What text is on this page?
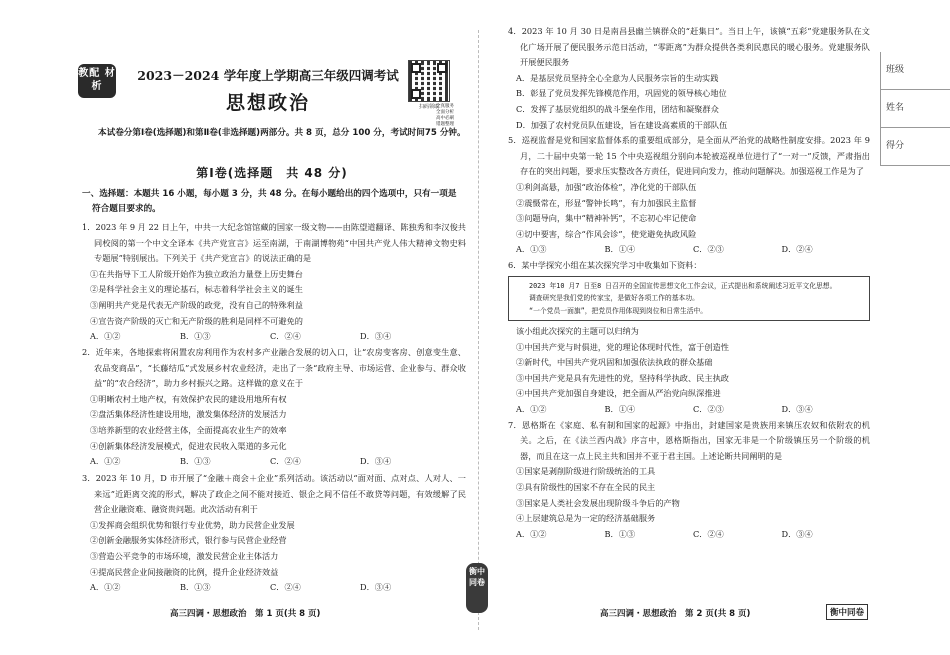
教配 材析
2023－2024 学年度上学期高三年级四调考试
思想政治	扫码领取
全真服务
全面分析
高中必刷
错题整理
本试卷分第Ⅰ卷(选择题)和第Ⅱ卷(非选择题)两部分。共 8 页，总分 100 分，考试时间75 分钟。
第Ⅰ卷(选择题　共 48 分)
一、选择题：本题共 16 小题，每小题 3 分，共 48 分。在每小题给出的四个选项中，只有一项是
符合题目要求的。

1．2023 年 9 月 22 日上午，中共一大纪念馆馆藏的国家一级文物——由陈望道翻译、陈独秀和李汉俊共同校阅的第一个中文全译本《共产党宣言》运至南湖，于南湖博物苑“中国共产党人伟大精神文物史料专题展”特别展出。下列关于《共产党宣言》的说法正确的是

①在共指导下工人阶级开始作为独立政治力量登上历史舞台

②是科学社会主义的理论基石，标志着科学社会主义的诞生

③阐明共产党是代表无产阶级的政党，没有自己的特殊利益

④宣告资产阶级的灭亡和无产阶级的胜利是同样不可避免的

A．①②	B．①③	C．②④	D．③④

2．近年来，各地探索将闲置农房利用作为农村多产业融合发展的切入口，让“农房变客房、创意变生意、农品变商品”，“长藤结瓜”式发展乡村农业经济，走出了一条“政府主导、市场运营、企业参与、群众收益”的“农合经济”，助力乡村振兴之路。这样做的意义在于

①明晰农村土地产权，有效保护农民的建设用地所有权

②盘活集体经济性建设用地，激发集体经济的发展活力

③培养新型的农业经营主体，全面提高农业生产的效率

④创新集体经济发展模式，促进农民收入渠道的多元化

A．①②	B．①③	C．②④	D．③④

3．2023 年 10 月，D 市开展了“金融＋商会＋企业”系列活动。该活动以“面对面、点对点、人对人、一来远”近距离交流的形式，解决了政企之间不能对接近、银企之间不信任不敢贷等问题，有效缓解了民营企业融资难、融资贵问题。此次活动有利于

①发挥商会组织优势和银行专业优势，助力民营企业发展

②创新金融服务实体经济形式，银行参与民营企业经营

③营造公平竞争的市场环境，激发民营企业主体活力

④提高民营企业间接融资的比例，提升企业经济效益

A．①②	B．①③	C．②④	D．③④

4．2023 年 10 月 30 日是南昌县幽兰镇群众的“赶集日”。当日上午，该镇“五彩”党建服务队在文化广场开展了便民服务示范日活动，“零距离”为群众提供各类利民惠民的暖心服务。党建服务队开展便民服务

A．是基层党员坚持全心全意为人民服务宗旨的生动实践

B．彰显了党员发挥先锋模范作用，巩固党的领导核心地位

C．发挥了基层党组织的战斗堡垒作用，团结和凝聚群众

D．加强了农村党员队伍建设，旨在建设高素质的干部队伍

5．巡视监督是党和国家监督体系的重要组成部分，是全面从严治党的战略性制度安排。2023 年 9 月，二十届中央第一轮 15 个中央巡视组分别向本轮被巡视单位进行了“一对一”反馈，严肃指出存在的突出问题，要求压实整改各方责任，促进同向发力，推动问题解决。加强巡视工作是为了

①利剑高悬，加强“政治体检”，净化党的干部队伍

②震慑常在，形显“警钟长鸣”，有力加强民主监督

③问题导向，集中“精神补钙”，不忘初心牢记使命

④切中要害，综合“作风会诊”，使党避免执政风险

A．①③	B．①④	C．②③	D．②④

6．某中学探究小组在某次探究学习中收集如下资料：

2023 年10 月7 日至8 日召开的全国宣传思想文化工作会议，正式提出和系统阐述习近平文化思想。

调查研究是我们党的传家宝，是做好各项工作的基本功。

“一个党员一面旗”，把党员作用体现到岗位和日常生活中。

该小组此次探究的主题可以归纳为

①中国共产党与时俱进，党的理论体现时代性，富于创造性

②新时代，中国共产党巩固和加强依法执政的群众基础

③中国共产党是具有先进性的党，坚持科学执政、民主执政

④中国共产党加强自身建设，把全面从严治党向纵深推进

A．①②	B．①④	C．②③	D．③④

7．恩格斯在《家庭、私有制和国家的起源》中指出，封建国家是贵族用来镇压农奴和依附农的机关。之后，在《法兰西内战》序言中，恩格斯指出，国家无非是一个阶级镇压另一个阶级的机器，而且在这一点上民主共和国并不亚于君主国。上述论断共同阐明的是

①国家是剥削阶级进行阶级统治的工具

②具有阶级性的国家不存在全民的民主

③国家是人类社会发展出现阶级斗争后的产物

④上层建筑总是为一定的经济基础服务

A．①②	B．①③	C．②④	D．③④
衡中同卷
高三四调・思想政治　第 1 页(共 8 页)	高三四调・思想政治　第 2 页(共 8 页)	衡中同卷
班级
姓名
得分
